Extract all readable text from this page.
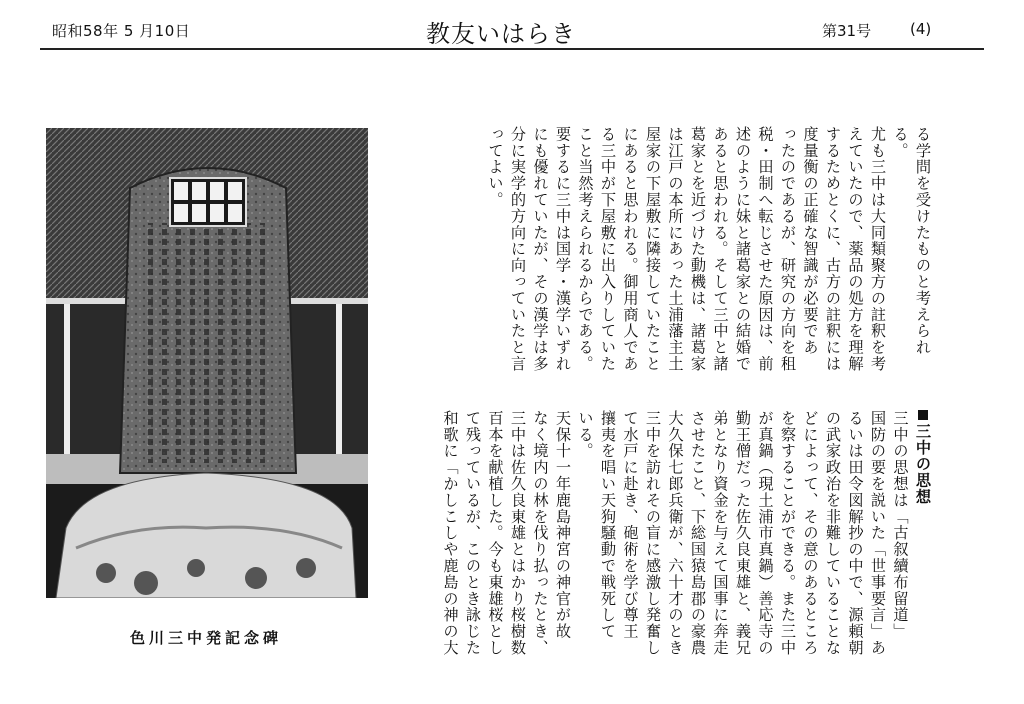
昭和58年 5 月10日	教友いはらき	第31号	(4)
色川三中発記念碑

る学問を受けたものと考えられる。

尤も三中は大同類聚方の註釈を考

えていたので、薬品の処方を理解

するためとくに、古方の註釈には

度量衡の正確な智識が必要であ

ったのであるが、研究の方向を租

税・田制へ転じさせた原因は、前

述のように妹と諸葛家との結婚で

あると思われる。そして三中と諸

葛家とを近づけた動機は、諸葛家

は江戸の本所にあった土浦藩主土

屋家の下屋敷に隣接していたこと

にあると思われる。御用商人であ

る三中が下屋敷に出入りしていた

こと当然考えられるからである。

要するに三中は国学・漢学いずれ

にも優れていたが、その漢学は多

分に実学的方向に向っていたと言

ってよい。

三中の思想

三中の思想は「古叙續布留道」

国防の要を説いた「世事要言」あ

るいは田令図解抄の中で、源頼朝

の武家政治を非難していることな

どによって、その意のあるところ

を察することができる。また三中

が真鍋（現土浦市真鍋）善応寺の

勤王僧だった佐久良東雄と、義兄

弟となり資金を与えて国事に奔走

させたこと、下総国猿島郡の豪農

大久保七郎兵衛が、六十才のとき

三中を訪れその盲に感激し発奮し

て水戸に赴き、砲術を学び尊王

攘夷を唱い天狗騒動で戦死して

いる。

天保十一年鹿島神宮の神官が故

なく境内の林を伐り払ったとき、

三中は佐久良東雄とはかり桜樹数

百本を献植した。今も東雄桜とし

て残っているが、このとき詠じた

和歌に「かしこしや鹿島の神の大
